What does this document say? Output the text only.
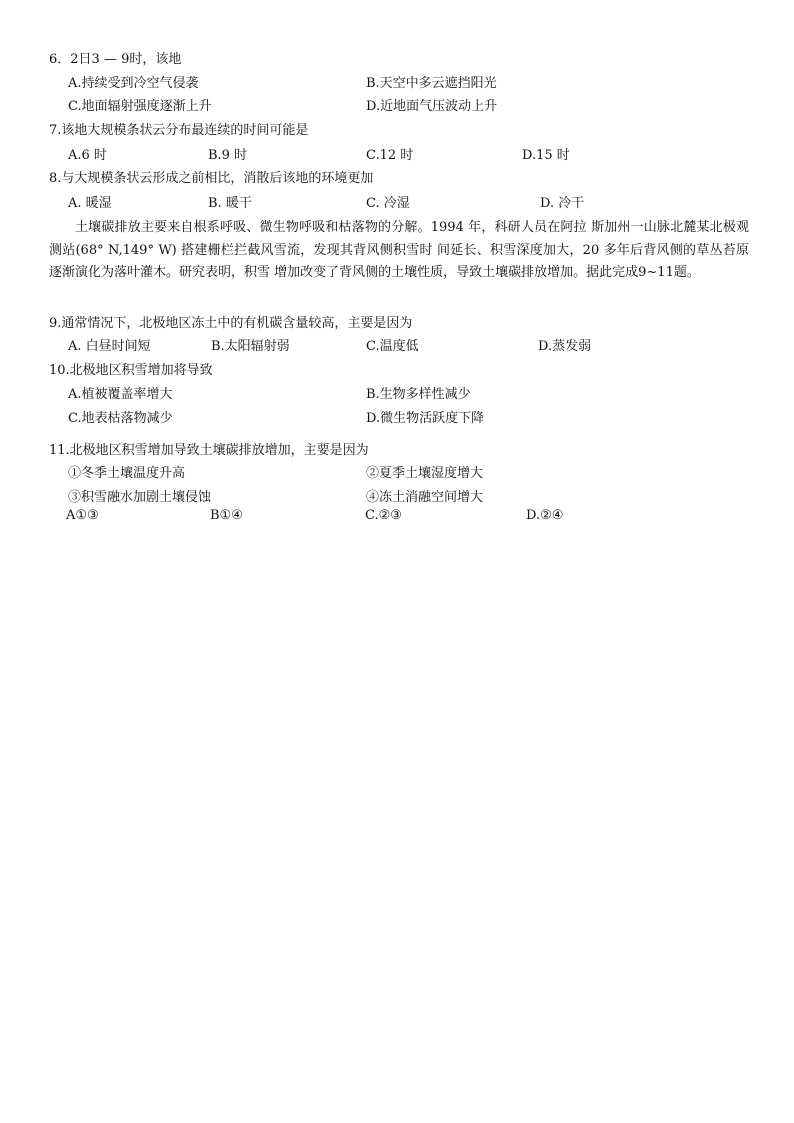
6．2日3 — 9时，该地
A.持续受到冷空气侵袭	B.天空中多云遮挡阳光
C.地面辐射强度逐渐上升	D.近地面气压波动上升
7.该地大规模条状云分布最连续的时间可能是
A.6 时	B.9 时	C.12 时	D.15 时
8.与大规模条状云形成之前相比，消散后该地的环境更加
A. 暖湿	B. 暖干	C. 冷湿	D. 冷干
土壤碳排放主要来自根系呼吸、微生物呼吸和枯落物的分解。1994 年，科研人员在阿拉 斯加州一山脉北麓某北极观测站(68° N,149° W) 搭建栅栏拦截风雪流，发现其背风侧积雪时 间延长、积雪深度加大，20 多年后背风侧的草丛苔原逐渐演化为落叶灌木。研究表明，积雪 增加改变了背风侧的土壤性质，导致土壤碳排放增加。据此完成9~11题。
9.通常情况下，北极地区冻土中的有机碳含量较高，主要是因为
A. 白昼时间短	B.太阳辐射弱	C.温度低	D.蒸发弱
10.北极地区积雪增加将导致
A.植被覆盖率增大	B.生物多样性减少
C.地表枯落物减少	D.微生物活跃度下降
11.北极地区积雪增加导致土壤碳排放增加，主要是因为
①冬季土壤温度升高	②夏季土壤湿度增大
③积雪融水加剧土壤侵蚀	④冻土消融空间增大
A①③	B①④	C.②③	D.②④
